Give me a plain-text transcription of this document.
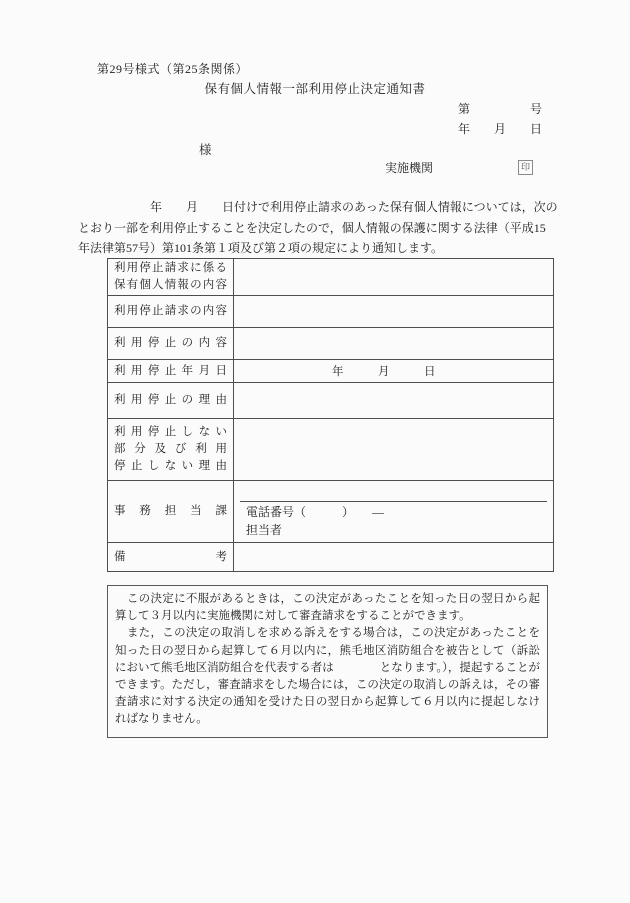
第29号様式（第25条関係）
保有個人情報一部利用停止決定通知書
第	号
年 月 日
様
実施機関	印
　　　　　　年　　月　　日付けで利用停止請求のあった保有個人情報については，次の
とおり一部を利用停止することを決定したので，個人情報の保護に関する法律（平成15
年法律第57号）第101条第１項及び第２項の規定により通知します。
利用停止請求に係る
保有個人情報の内容	

利用停止請求の内容	

利用停止の内容	

利用停止年月日	　　　　　　　　年　　　月　　　日

利用停止の理由	

利用停止しない
部分及び利用
停止しない理由	

事務担当課	電話番号（　　　）　　―
担当者

備考	

　この決定に不服があるときは，この決定があったことを知った日の翌日から起算して３月以内に実施機関に対して審査請求をすることができます。

　また，この決定の取消しを求める訴えをする場合は，この決定があったことを知った日の翌日から起算して６月以内に，熊毛地区消防組合を被告として（訴訟において熊毛地区消防組合を代表する者は　　　　となります。），提起することができます。ただし，審査請求をした場合には，この決定の取消しの訴えは，その審査請求に対する決定の通知を受けた日の翌日から起算して６月以内に提起しなければなりません。
